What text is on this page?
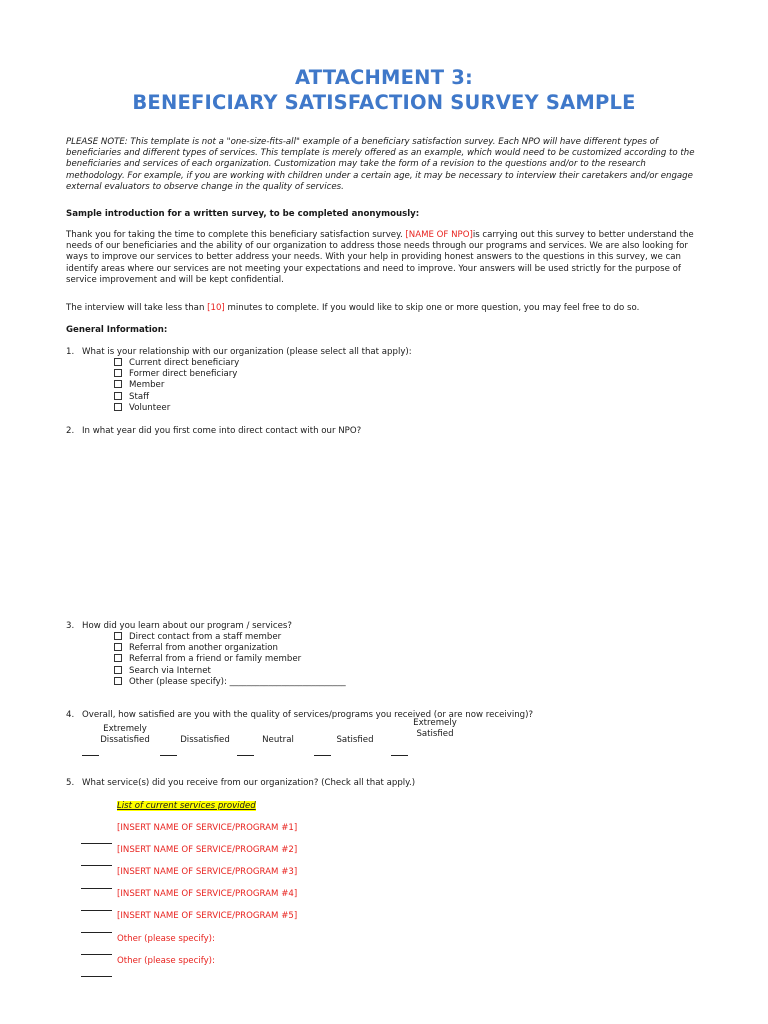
ATTACHMENT 3:
BENEFICIARY SATISFACTION SURVEY SAMPLE
PLEASE NOTE: This template is not a "one-size-fits-all" example of a beneficiary satisfaction survey. Each NPO will have different types of beneficiaries and different types of services. This template is merely offered as an example, which would need to be customized according to the beneficiaries and services of each organization. Customization may take the form of a revision to the questions and/or to the research methodology. For example, if you are working with children under a certain age, it may be necessary to interview their caretakers and/or engage external evaluators to observe change in the quality of services.
Sample introduction for a written survey, to be completed anonymously:
Thank you for taking the time to complete this beneficiary satisfaction survey. [NAME OF NPO]is carrying out this survey to better understand the needs of our beneficiaries and the ability of our organization to address those needs through our programs and services. We are also looking for ways to improve our services to better address your needs. With your help in providing honest answers to the questions in this survey, we can identify areas where our services are not meeting your expectations and need to improve. Your answers will be used strictly for the purpose of service improvement and will be kept confidential.
The interview will take less than [10] minutes to complete. If you would like to skip one or more question, you may feel free to do so.
General Information:
1. What is your relationship with our organization (please select all that apply):
Current direct beneficiary
Former direct beneficiary
Member
Staff
Volunteer
2. In what year did you first come into direct contact with our NPO?
3. How did you learn about our program / services?
Direct contact from a staff member
Referral from another organization
Referral from a friend or family member
Search via Internet
Other (please specify): ___________________________
4. Overall, how satisfied are you with the quality of services/programs you received (or are now receiving)?
Extremely
Dissatisfied
	Dissatisfied
	Neutral
	Satisfied
Extremely
Satisfied
5. What service(s) did you receive from our organization? (Check all that apply.)
List of current services provided
[INSERT NAME OF SERVICE/PROGRAM #1]
[INSERT NAME OF SERVICE/PROGRAM #2]
[INSERT NAME OF SERVICE/PROGRAM #3]
[INSERT NAME OF SERVICE/PROGRAM #4]
[INSERT NAME OF SERVICE/PROGRAM #5]
Other (please specify):
Other (please specify):
